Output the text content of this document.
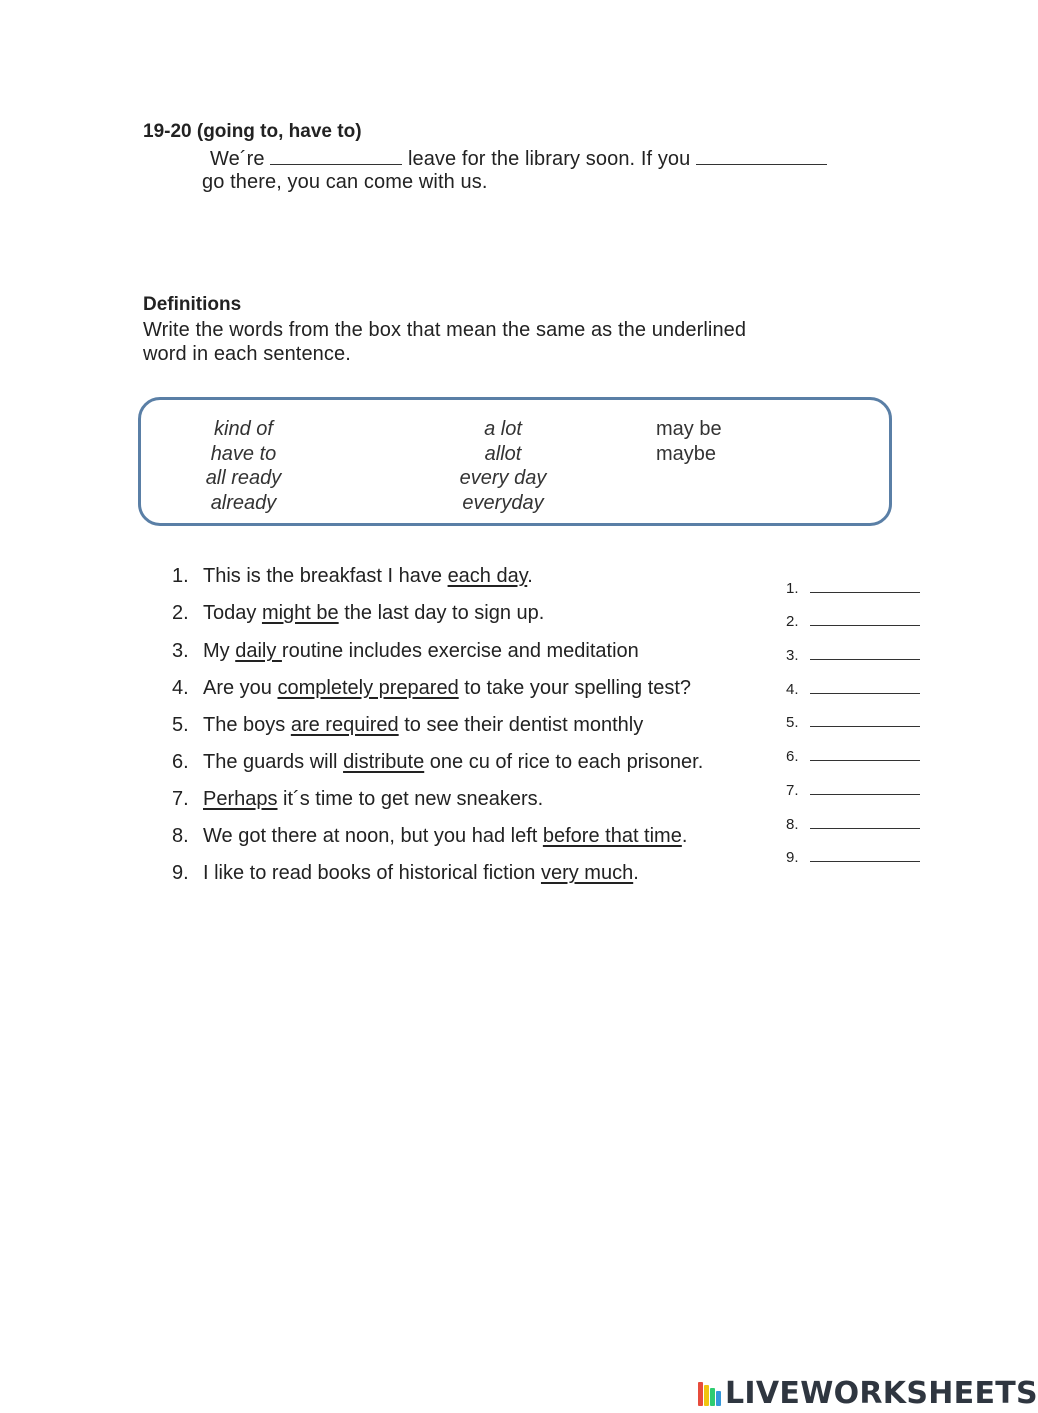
19-20 (going to, have to)
We´re	leave for the library soon. If you
go there, you can come with us.
Definitions
Write the words from the box that mean the same as the underlined
word in each sentence.
kind of
have to
all ready
already
a lot
allot
every day
everyday
may be
maybe
1. This is the breakfast I have each day.
2. Today might be the last day to sign up.
3. My daily routine includes exercise and meditation
4. Are you completely prepared to take your spelling test?
5. The boys are required to see their dentist monthly
6. The guards will distribute one cu of rice to each prisoner.
7. Perhaps it´s time to get new sneakers.
8. We got there at noon, but you had left before that time.
9. I like to read books of historical fiction very much.
1.
2.
3.
4.
5.
6.
7.
8.
9.
LIVEWORKSHEETS
